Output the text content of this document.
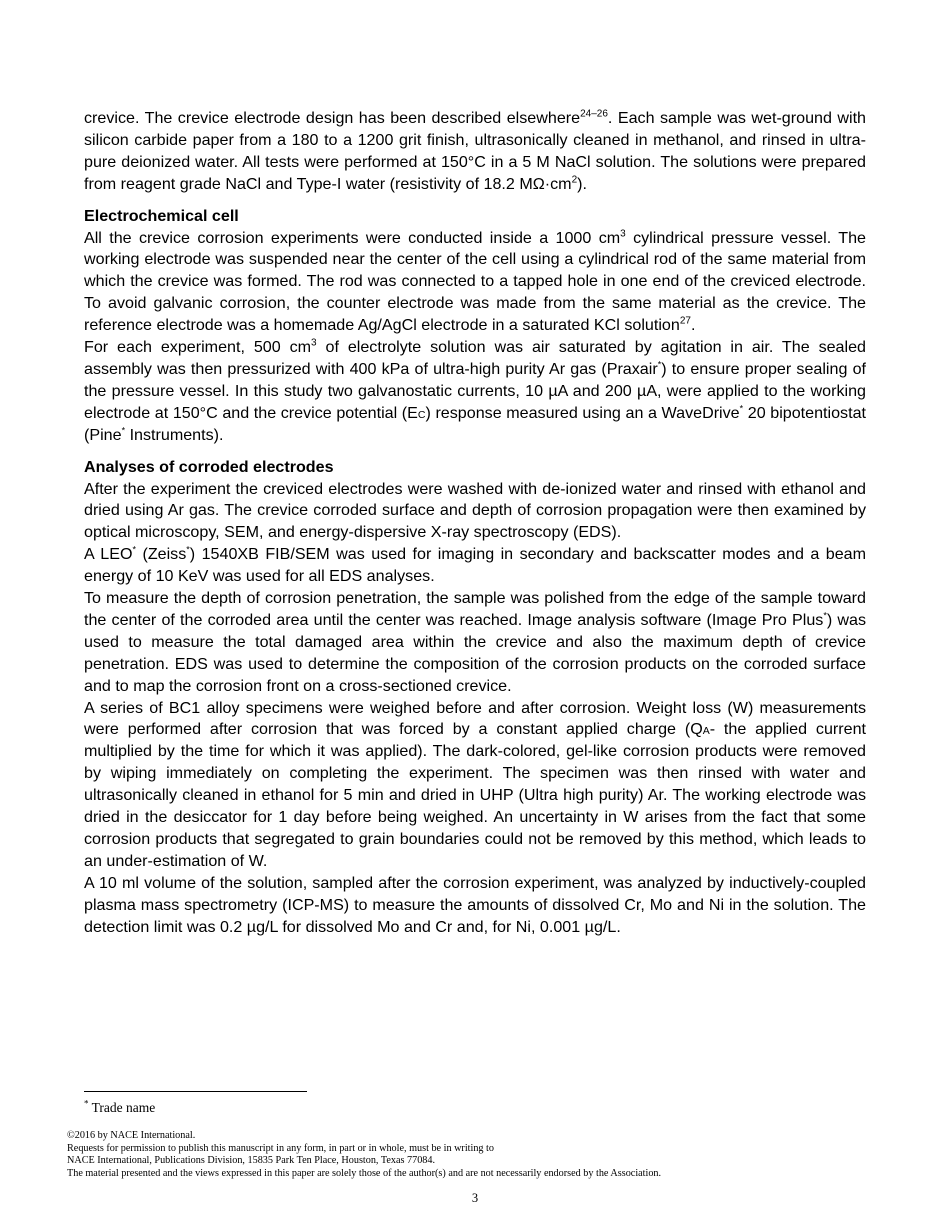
crevice. The crevice electrode design has been described elsewhere$^{24-26}$. Each sample was wet-ground with silicon carbide paper from a 180 to a 1200 grit finish, ultrasonically cleaned in methanol, and rinsed in ultra-pure deionized water. All tests were performed at 150°C in a 5 M NaCl solution. The solutions were prepared from reagent grade NaCl and Type-I water (resistivity of 18.2 $M\Omega\cdot cm^2$).

Electrochemical cell

All the crevice corrosion experiments were conducted inside a 1000 $cm^3$ cylindrical pressure vessel. The working electrode was suspended near the center of the cell using a cylindrical rod of the same material from which the crevice was formed. The rod was connected to a tapped hole in one end of the creviced electrode. To avoid galvanic corrosion, the counter electrode was made from the same material as the crevice. The reference electrode was a homemade Ag/AgCl electrode in a saturated KCl solution$^{27}$.

For each experiment, 500 $cm^3$ of electrolyte solution was air saturated by agitation in air. The sealed assembly was then pressurized with 400 kPa of ultra-high purity Ar gas (Praxair*) to ensure proper sealing of the pressure vessel. In this study two galvanostatic currents, 10 µA and 200 µA, were applied to the working electrode at 150°C and the crevice potential (EC) response measured using an a WaveDrive* 20 bipotentiostat (Pine* Instruments).

Analyses of corroded electrodes

After the experiment the creviced electrodes were washed with de-ionized water and rinsed with ethanol and dried using Ar gas. The crevice corroded surface and depth of corrosion propagation were then examined by optical microscopy, SEM, and energy-dispersive X-ray spectroscopy (EDS).

A LEO* (Zeiss*) 1540XB FIB/SEM was used for imaging in secondary and backscatter modes and a beam energy of 10 KeV was used for all EDS analyses.

To measure the depth of corrosion penetration, the sample was polished from the edge of the sample toward the center of the corroded area until the center was reached. Image analysis software (Image Pro Plus*) was used to measure the total damaged area within the crevice and also the maximum depth of crevice penetration. EDS was used to determine the composition of the corrosion products on the corroded surface and to map the corrosion front on a cross-sectioned crevice.

A series of BC1 alloy specimens were weighed before and after corrosion. Weight loss (W) measurements were performed after corrosion that was forced by a constant applied charge (QA- the applied current multiplied by the time for which it was applied). The dark-colored, gel-like corrosion products were removed by wiping immediately on completing the experiment. The specimen was then rinsed with water and ultrasonically cleaned in ethanol for 5 min and dried in UHP (Ultra high purity) Ar. The working electrode was dried in the desiccator for 1 day before being weighed. An uncertainty in W arises from the fact that some corrosion products that segregated to grain boundaries could not be removed by this method, which leads to an under-estimation of W.

A 10 ml volume of the solution, sampled after the corrosion experiment, was analyzed by inductively-coupled plasma mass spectrometry (ICP-MS) to measure the amounts of dissolved Cr, Mo and Ni in the solution. The detection limit was 0.2 µg/L for dissolved Mo and Cr and, for Ni, 0.001 µg/L.

* Trade name
©2016 by NACE International.
Requests for permission to publish this manuscript in any form, in part or in whole, must be in writing to
NACE International, Publications Division, 15835 Park Ten Place, Houston, Texas 77084.
The material presented and the views expressed in this paper are solely those of the author(s) and are not necessarily endorsed by the Association.
3
